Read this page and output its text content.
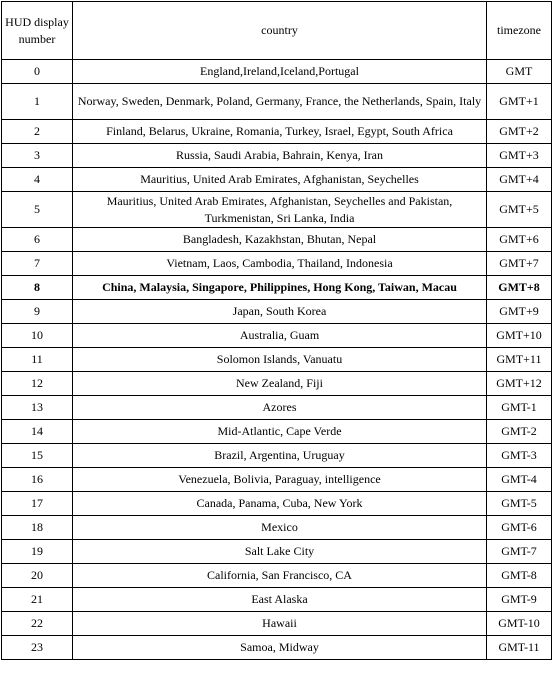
HUD display number	country	timezone
0	England,Ireland,Iceland,Portugal	GMT
1	Norway, Sweden, Denmark, Poland, Germany, France, the Netherlands, Spain, Italy	GMT+1
2	Finland, Belarus, Ukraine, Romania, Turkey, Israel, Egypt, South Africa	GMT+2
3	Russia, Saudi Arabia, Bahrain, Kenya, Iran	GMT+3
4	Mauritius, United Arab Emirates, Afghanistan, Seychelles	GMT+4
5	Mauritius, United Arab Emirates, Afghanistan, Seychelles and Pakistan, Turkmenistan, Sri Lanka, India	GMT+5
6	Bangladesh, Kazakhstan, Bhutan, Nepal	GMT+6
7	Vietnam, Laos, Cambodia, Thailand, Indonesia	GMT+7
8	China, Malaysia, Singapore, Philippines, Hong Kong, Taiwan, Macau	GMT+8
9	Japan, South Korea	GMT+9
10	Australia, Guam	GMT+10
11	Solomon Islands, Vanuatu	GMT+11
12	New Zealand, Fiji	GMT+12
13	Azores	GMT-1
14	Mid-Atlantic, Cape Verde	GMT-2
15	Brazil, Argentina, Uruguay	GMT-3
16	Venezuela, Bolivia, Paraguay, intelligence	GMT-4
17	Canada, Panama, Cuba, New York	GMT-5
18	Mexico	GMT-6
19	Salt Lake City	GMT-7
20	California, San Francisco, CA	GMT-8
21	East Alaska	GMT-9
22	Hawaii	GMT-10
23	Samoa, Midway	GMT-11
